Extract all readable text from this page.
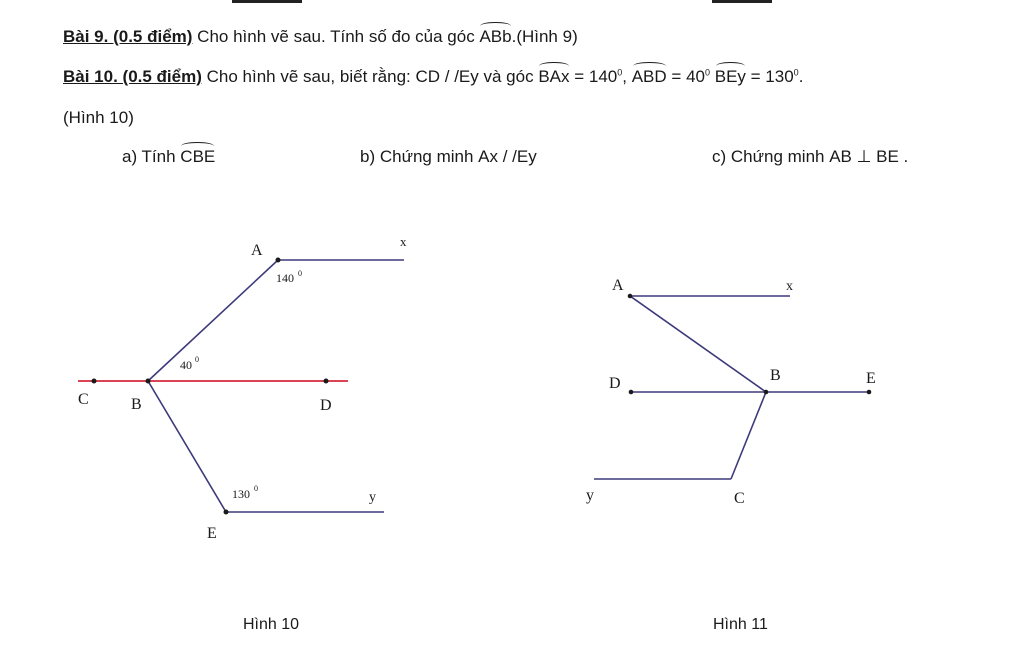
Bài 9. (0.5 điểm) Cho hình vẽ sau. Tính số đo của góc ABb.(Hình 9)
Bài 10. (0.5 điểm) Cho hình vẽ sau, biết rằng: CD / /Ey và góc BAx = $140^0$, ABD = $40^0$ BEy = $130^0$.
(Hình 10)
a) Tính CBE	b) Chứng minh Ax / /Ey	c) Chứng minh AB ⊥ BE .
A
x
140 0
40 0
C	B	D
130 0
y
E
A	x
D	B	E
y	C
Hình 10	Hình 11
